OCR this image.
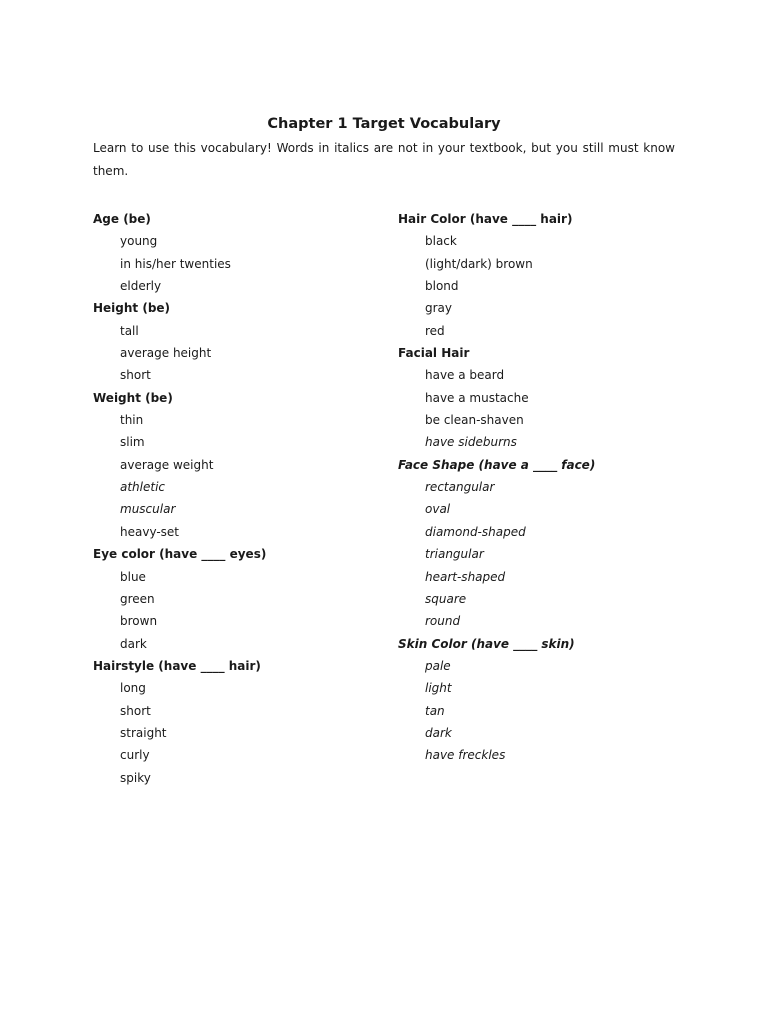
Chapter 1 Target Vocabulary
Learn to use this vocabulary! Words in italics are not in your textbook, but you still must know them.
Age (be)
young
in his/her twenties
elderly
Height (be)
tall
average height
short
Weight (be)
thin
slim
average weight
athletic
muscular
heavy-set
Eye color (have ____ eyes)
blue
green
brown
dark
Hairstyle (have ____ hair)
long
short
straight
curly
spiky
Hair Color (have ____ hair)
black
(light/dark) brown
blond
gray
red
Facial Hair
have a beard
have a mustache
be clean-shaven
have sideburns
Face Shape (have a ____ face)
rectangular
oval
diamond-shaped
triangular
heart-shaped
square
round
Skin Color (have ____ skin)
pale
light
tan
dark
have freckles
